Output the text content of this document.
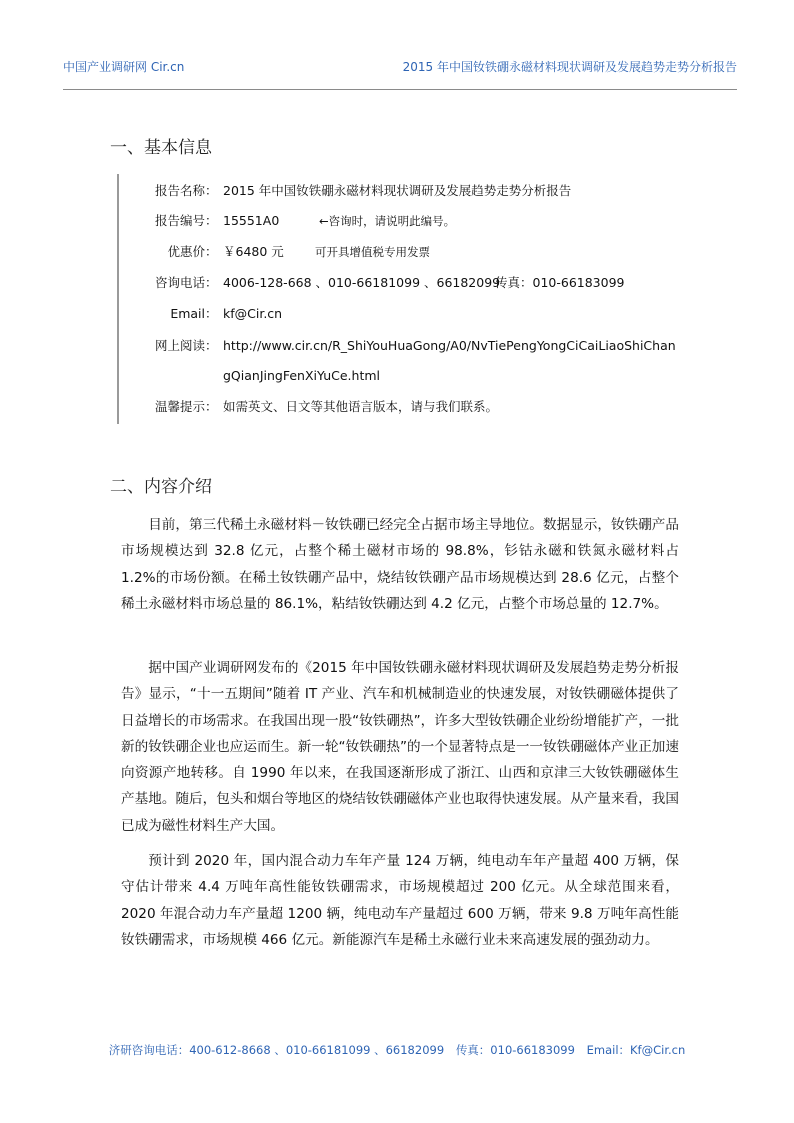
中国产业调研网 Cir.cn	2015 年中国钕铁硼永磁材料现状调研及发展趋势走势分析报告
一、基本信息
报告名称 ： 2015 年中国钕铁硼永磁材料现状调研及发展趋势走势分析报告
报告编号 ： 15551A0	←咨询时，请说明此编号。
优惠价 ： ￥6480 元	可开具增值税专用发票
咨询电话 ： 4006-128-668 、010-66181099 、66182099
传真：010-66183099
Email ： kf@Cir.cn
网上阅读 ： http://www.cir.cn/R_ShiYouHuaGong/A0/NvTiePengYongCiCaiLiaoShiChan
gQianJingFenXiYuCe.html
温馨提示 ： 如需英文、日文等其他语言版本，请与我们联系。
二、内容介绍

目前，第三代稀土永磁材料－钕铁硼已经完全占据市场主导地位。数据显示，钕铁硼产品市场规模达到 32.8 亿元，占整个稀土磁材市场的 98.8%，钐钴永磁和铁氮永磁材料占 1.2%的市场份额。在稀土钕铁硼产品中，烧结钕铁硼产品市场规模达到 28.6 亿元，占整个稀土永磁材料市场总量的 86.1%，粘结钕铁硼达到 4.2 亿元，占整个市场总量的 12.7%。

据中国产业调研网发布的《2015 年中国钕铁硼永磁材料现状调研及发展趋势走势分析报告》显示，“十一五期间”随着 IT 产业、汽车和机械制造业的快速发展，对钕铁硼磁体提供了日益增长的市场需求。在我国出现一股“钕铁硼热”，许多大型钕铁硼企业纷纷增能扩产，一批新的钕铁硼企业也应运而生。新一轮“钕铁硼热”的一个显著特点是一一钕铁硼磁体产业正加速向资源产地转移。自 1990 年以来，在我国逐渐形成了浙江、山西和京津三大钕铁硼磁体生产基地。随后，包头和烟台等地区的烧结钕铁硼磁体产业也取得快速发展。从产量来看，我国已成为磁性材料生产大国。

预计到 2020 年，国内混合动力车年产量 124 万辆，纯电动车年产量超 400 万辆，保守估计带来 4.4 万吨年高性能钕铁硼需求，市场规模超过 200 亿元。从全球范围来看，2020 年混合动力车产量超 1200 辆，纯电动车产量超过 600 万辆，带来 9.8 万吨年高性能钕铁硼需求，市场规模 466 亿元。新能源汽车是稀土永磁行业未来高速发展的强劲动力。

济研咨询电话：400-612-8668 、010-66181099 、66182099 传真：010-66183099 Email：Kf@Cir.cn
